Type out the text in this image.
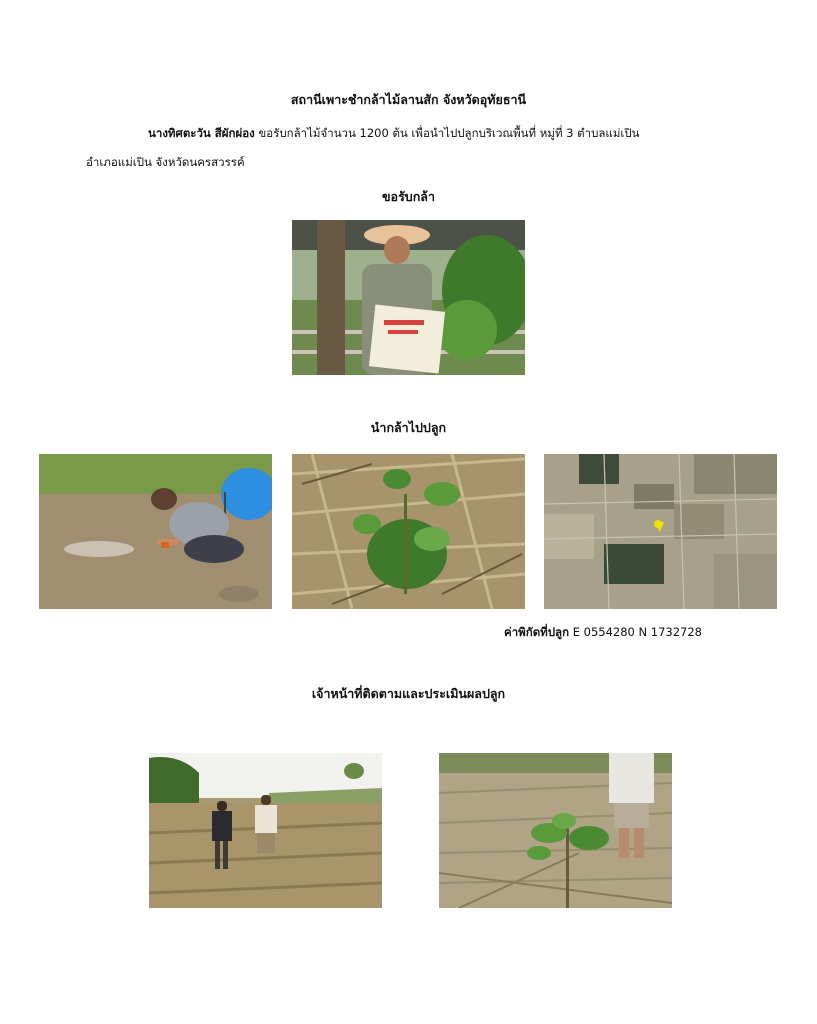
สถานีเพาะชำกล้าไม้ลานสัก จังหวัดอุทัยธานี
นางทิศตะวัน สีผักผ่อง ขอรับกล้าไม้จำนวน 1200 ต้น เพื่อนำไปปลูกบริเวณพื้นที่ หมู่ที่ 3 ตำบลแม่เปิน
อำเภอแม่เปิน จังหวัดนครสวรรค์
ขอรับกล้า
นำกล้าไปปลูก
ค่าพิกัดที่ปลูก E 0554280 N 1732728
เจ้าหน้าที่ติดตามและประเมินผลปลูก
